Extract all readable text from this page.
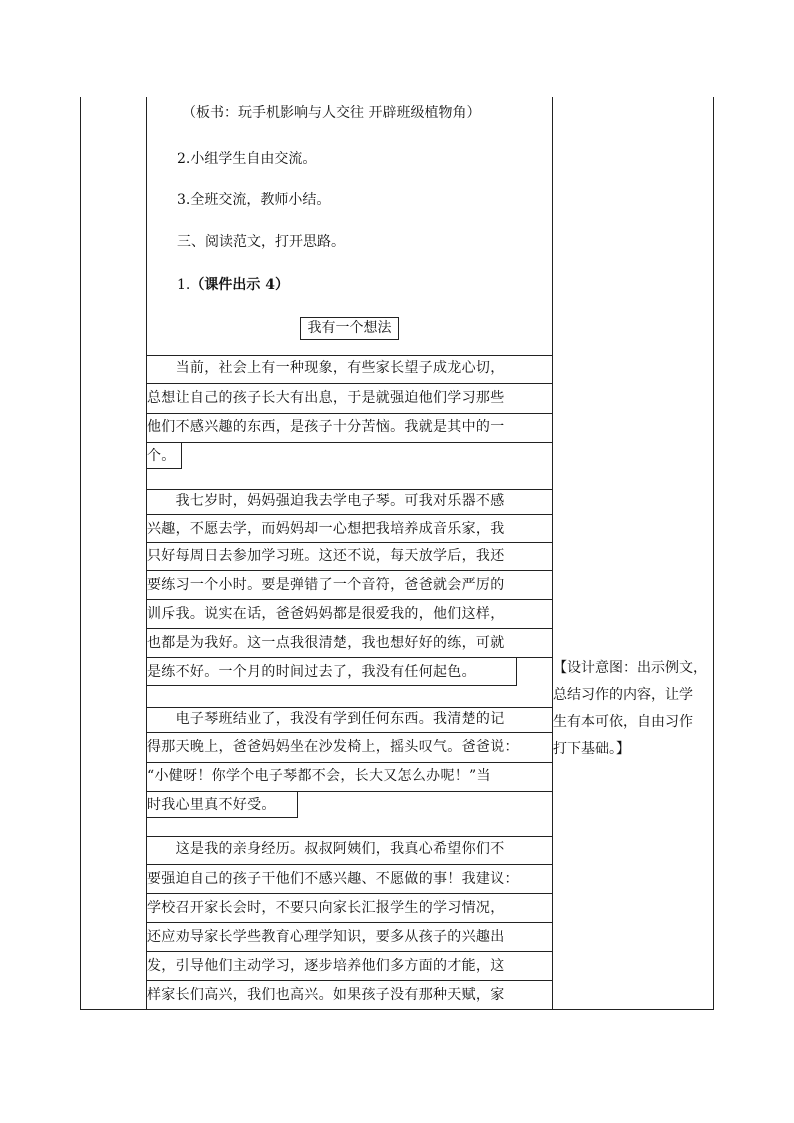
（板书：玩手机影响与人交往 开辟班级植物角）
2.小组学生自由交流。
3.全班交流，教师小结。
三、阅读范文，打开思路。
1.（课件出示 4）
我有一个想法
　　当前，社会上有一种现象，有些家长望子成龙心切，
总想让自己的孩子长大有出息，于是就强迫他们学习那些
他们不感兴趣的东西，是孩子十分苦恼。我就是其中的一
个。
　　我七岁时，妈妈强迫我去学电子琴。可我对乐器不感
兴趣，不愿去学，而妈妈却一心想把我培养成音乐家，我
只好每周日去参加学习班。这还不说，每天放学后，我还
要练习一个小时。要是弹错了一个音符，爸爸就会严厉的
训斥我。说实在话，爸爸妈妈都是很爱我的，他们这样，
也都是为我好。这一点我很清楚，我也想好好的练，可就
是练不好。一个月的时间过去了，我没有任何起色。
　　电子琴班结业了，我没有学到任何东西。我清楚的记
得那天晚上，爸爸妈妈坐在沙发椅上，摇头叹气。爸爸说：
“小健呀！你学个电子琴都不会，长大又怎么办呢！”当
时我心里真不好受。
　　这是我的亲身经历。叔叔阿姨们，我真心希望你们不
要强迫自己的孩子干他们不感兴趣、不愿做的事！我建议：
学校召开家长会时，不要只向家长汇报学生的学习情况，
还应劝导家长学些教育心理学知识，要多从孩子的兴趣出
发，引导他们主动学习，逐步培养他们多方面的才能，这
样家长们高兴，我们也高兴。如果孩子没有那种天赋，家
【设计意图：出示例文，
总结习作的内容，让学
生有本可依，自由习作
打下基础。】
